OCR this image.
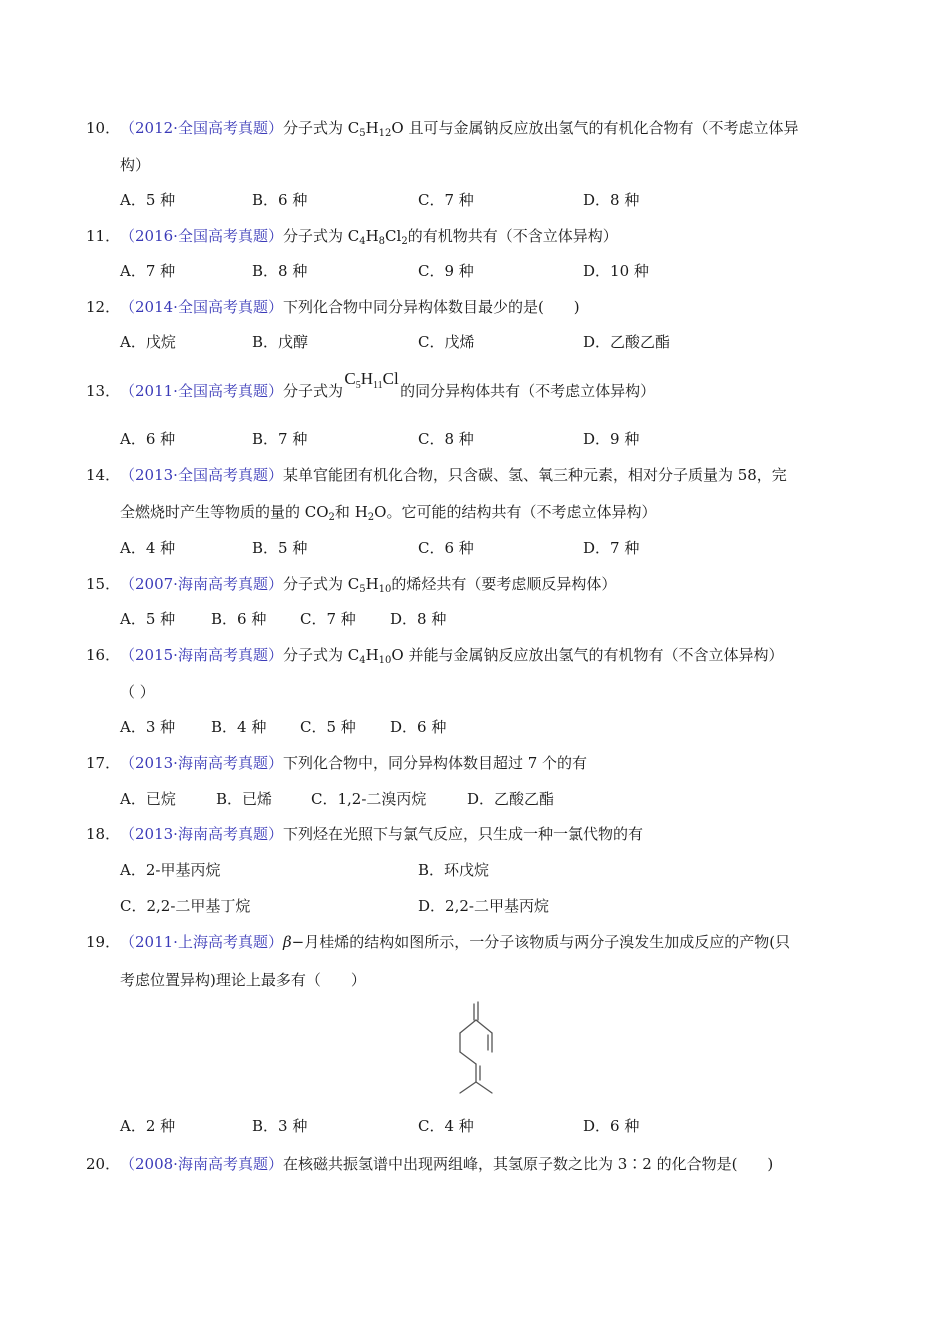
10． （2012·全国高考真题）分子式为 $C_5H_{12}O$ 且可与金属钠反应放出氢气的有机化合物有（不考虑立体异
构）
A．5 种	B．6 种	C．7 种	D．8 种
11． （2016·全国高考真题）分子式为 $C_4H_8Cl_2$的有机物共有（不含立体异构）
A．7 种	B．8 种	C．9 种	D．10 种
12． （2014·全国高考真题）下列化合物中同分异构体数目最少的是(　　)
A．戊烷	B．戊醇	C．戊烯	D．乙酸乙酯
13． （2011·全国高考真题）分子式为 $C_5H_{11}Cl$ 的同分异构体共有（不考虑立体异构）
A．6 种	B．7 种	C．8 种	D．9 种
14． （2013·全国高考真题）某单官能团有机化合物，只含碳、氢、氧三种元素，相对分子质量为 58，完
全燃烧时产生等物质的量的 $CO_2$和 $H_2O$。它可能的结构共有（不考虑立体异构）
A．4 种	B．5 种	C．6 种	D．7 种
15． （2007·海南高考真题）分子式为 $C_5H_{10}$的烯烃共有（要考虑顺反异构体）
A．5 种 B．6 种 C．7 种 D．8 种
16． （2015·海南高考真题）分子式为 $C_4H_{10}O$ 并能与金属钠反应放出氢气的有机物有（不含立体异构）
（ ）
A．3 种 B．4 种 C．5 种 D．6 种
17． （2013·海南高考真题）下列化合物中，同分异构体数目超过 7 个的有
A．已烷	B．已烯	C．1,2-二溴丙烷	D．乙酸乙酯
18． （2013·海南高考真题）下列烃在光照下与氯气反应，只生成一种一氯代物的有
A．2-甲基丙烷	B．环戊烷
C．2,2-二甲基丁烷	D．2,2-二甲基丙烷
19． （2011·上海高考真题）β−月桂烯的结构如图所示，一分子该物质与两分子溴发生加成反应的产物(只
考虑位置异构)理论上最多有（　　）
A．2 种	B．3 种	C．4 种	D．6 种
20． （2008·海南高考真题）在核磁共振氢谱中出现两组峰，其氢原子数之比为 3∶2 的化合物是(　　)
